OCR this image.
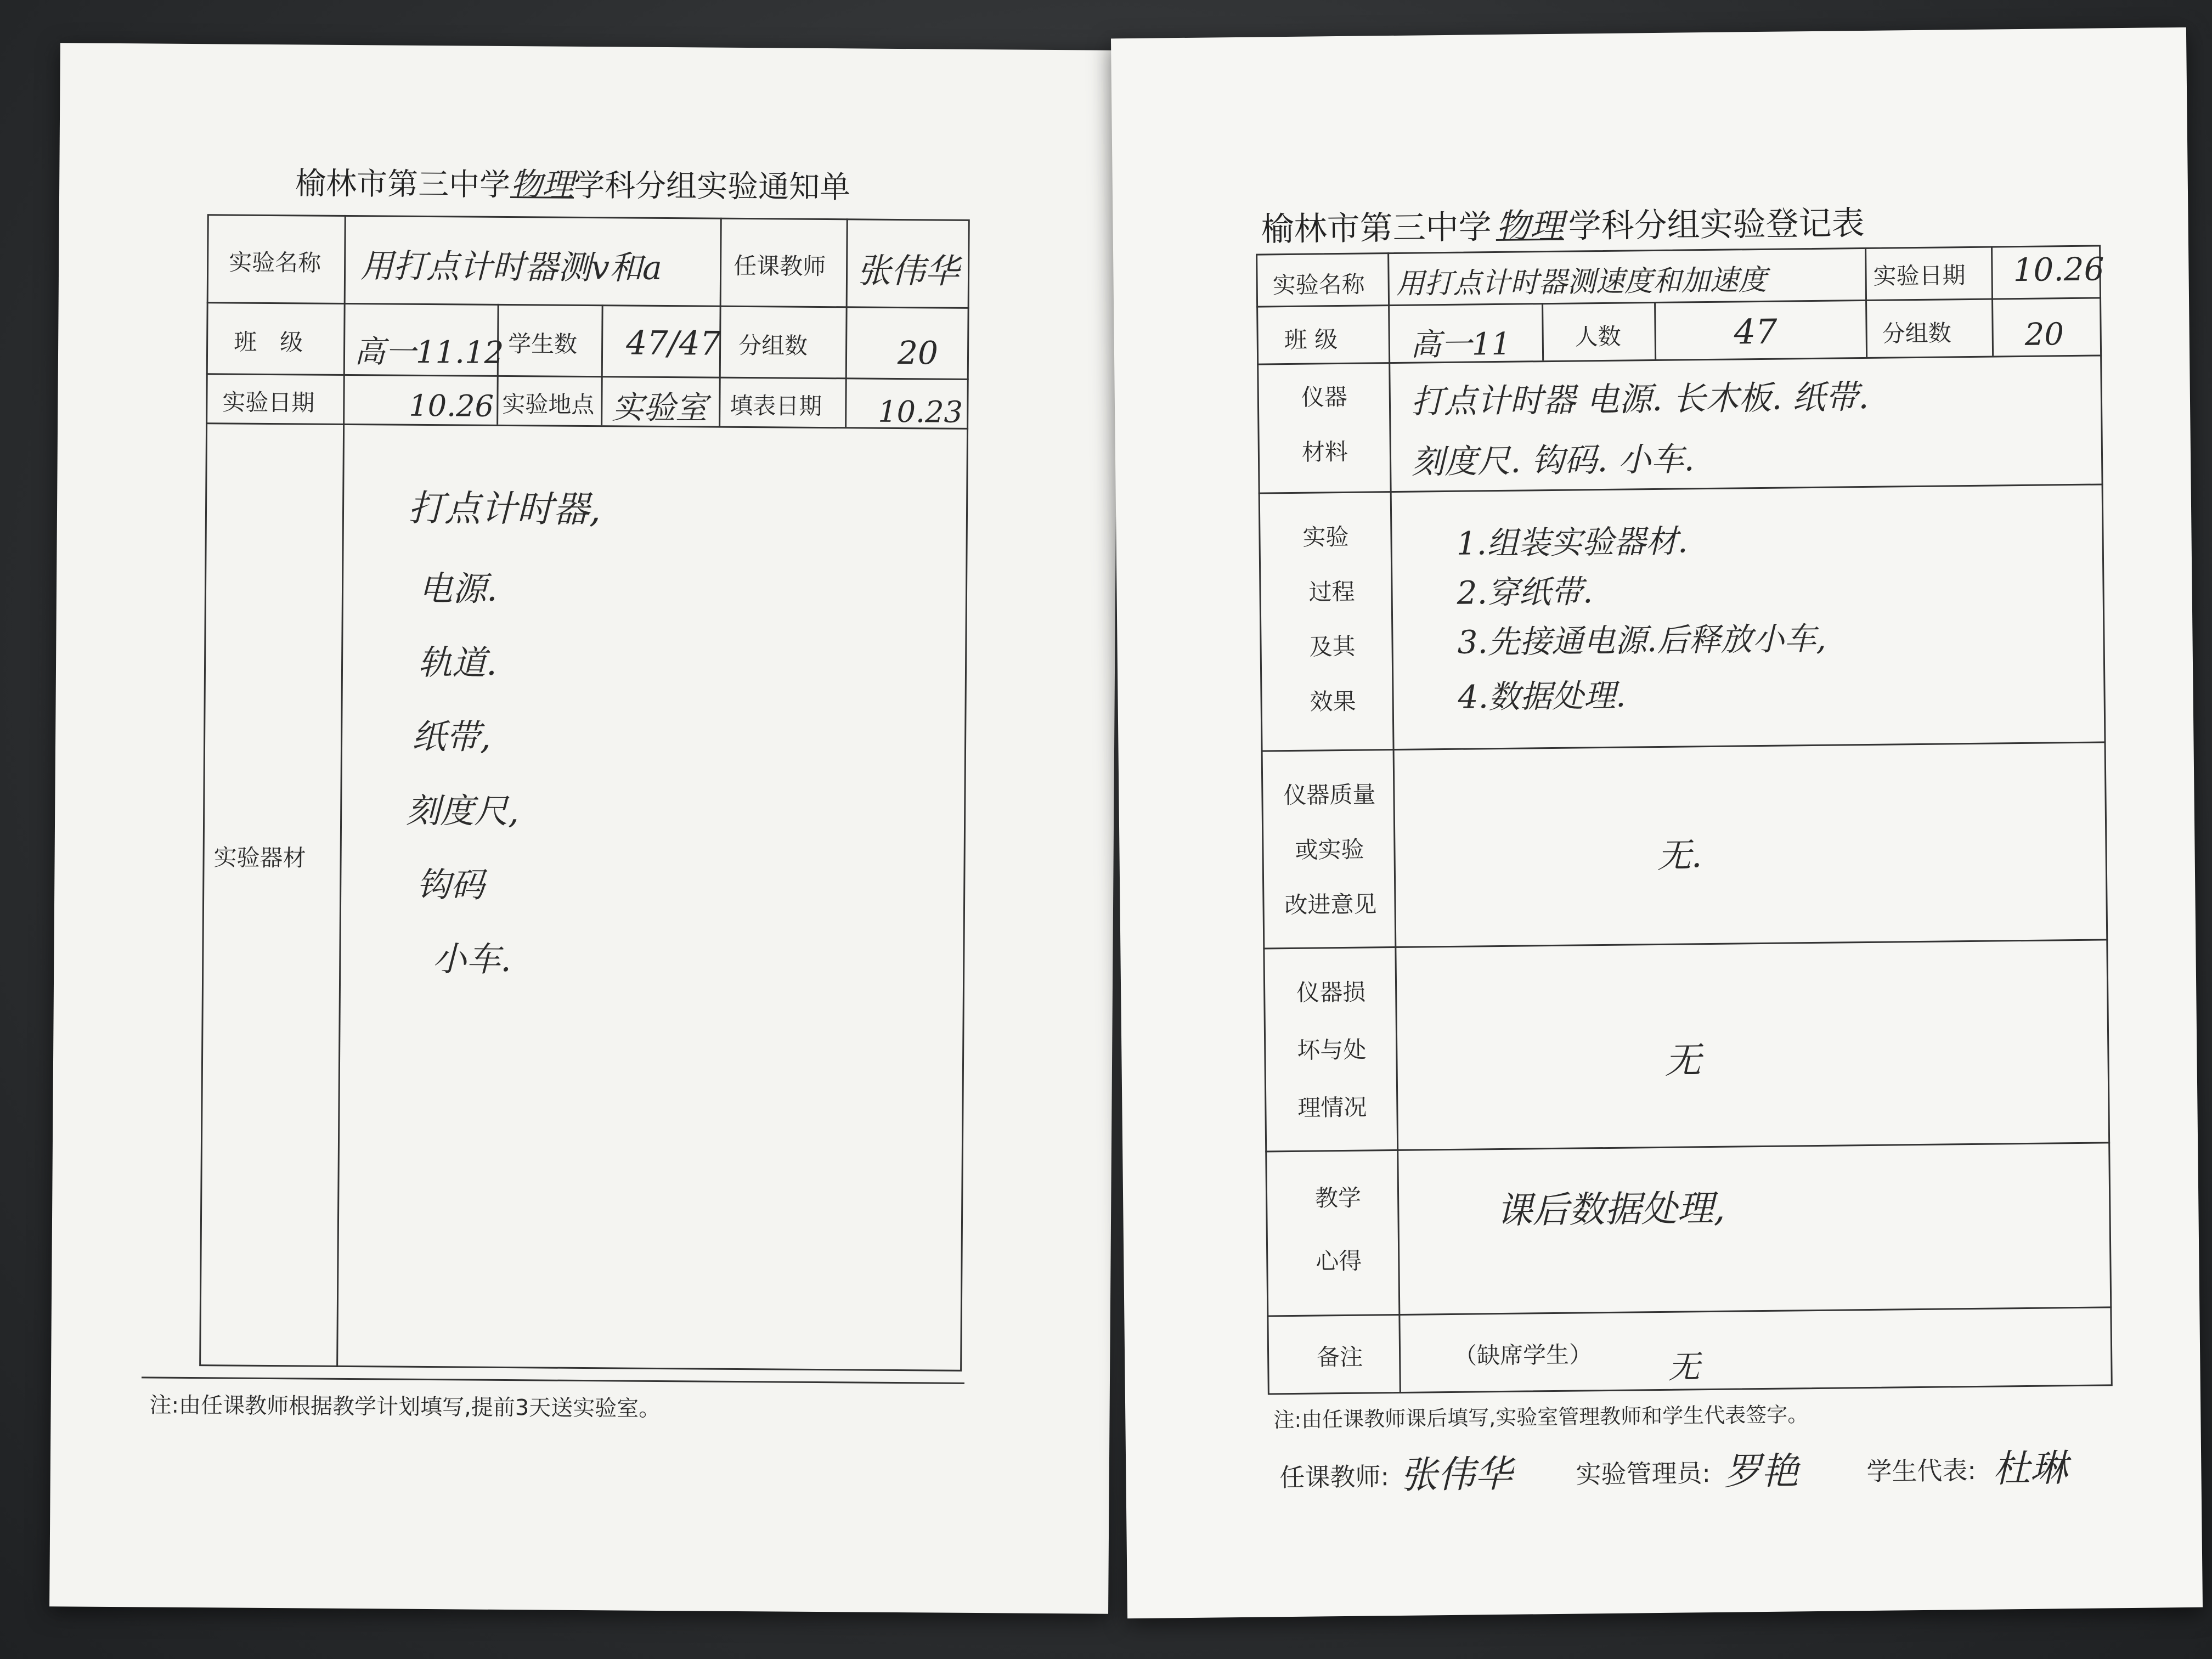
榆林市第三中学物理学科分组实验通知单
实验名称 用打点计时器测v和a	任课教师 张伟华
班　级 高一11.12 学生数 47/47 分组数	20
实验日期	10.26 实验地点 实验室 填表日期 10.23
实验器材
打点计时器,
电源.
轨道.
纸带,
刻度尺,
钩码
小车.
注:由任课教师根据教学计划填写,提前3天送实验室。
榆林市第三中学 物理 学科分组实验登记表
实验名称 用打点计时器测速度和加速度	实验日期 10.26
班 级 高一11	人数	47	分组数 20
仪器
材料
打点计时器 电源. 长木板. 纸带.
刻度尺. 钩码. 小车.
实验
过程
及其
效果
1.组装实验器材.
2.穿纸带.
3.先接通电源.后释放小车,
4.数据处理.
仪器质量
或实验
改进意见
无.
仪器损
坏与处
理情况
无
教学
心得
课后数据处理,
备注	（缺席学生） 无
注:由任课教师课后填写,实验室管理教师和学生代表签字。
任课教师: 张伟华	实验管理员: 罗艳	学生代表: 杜琳
